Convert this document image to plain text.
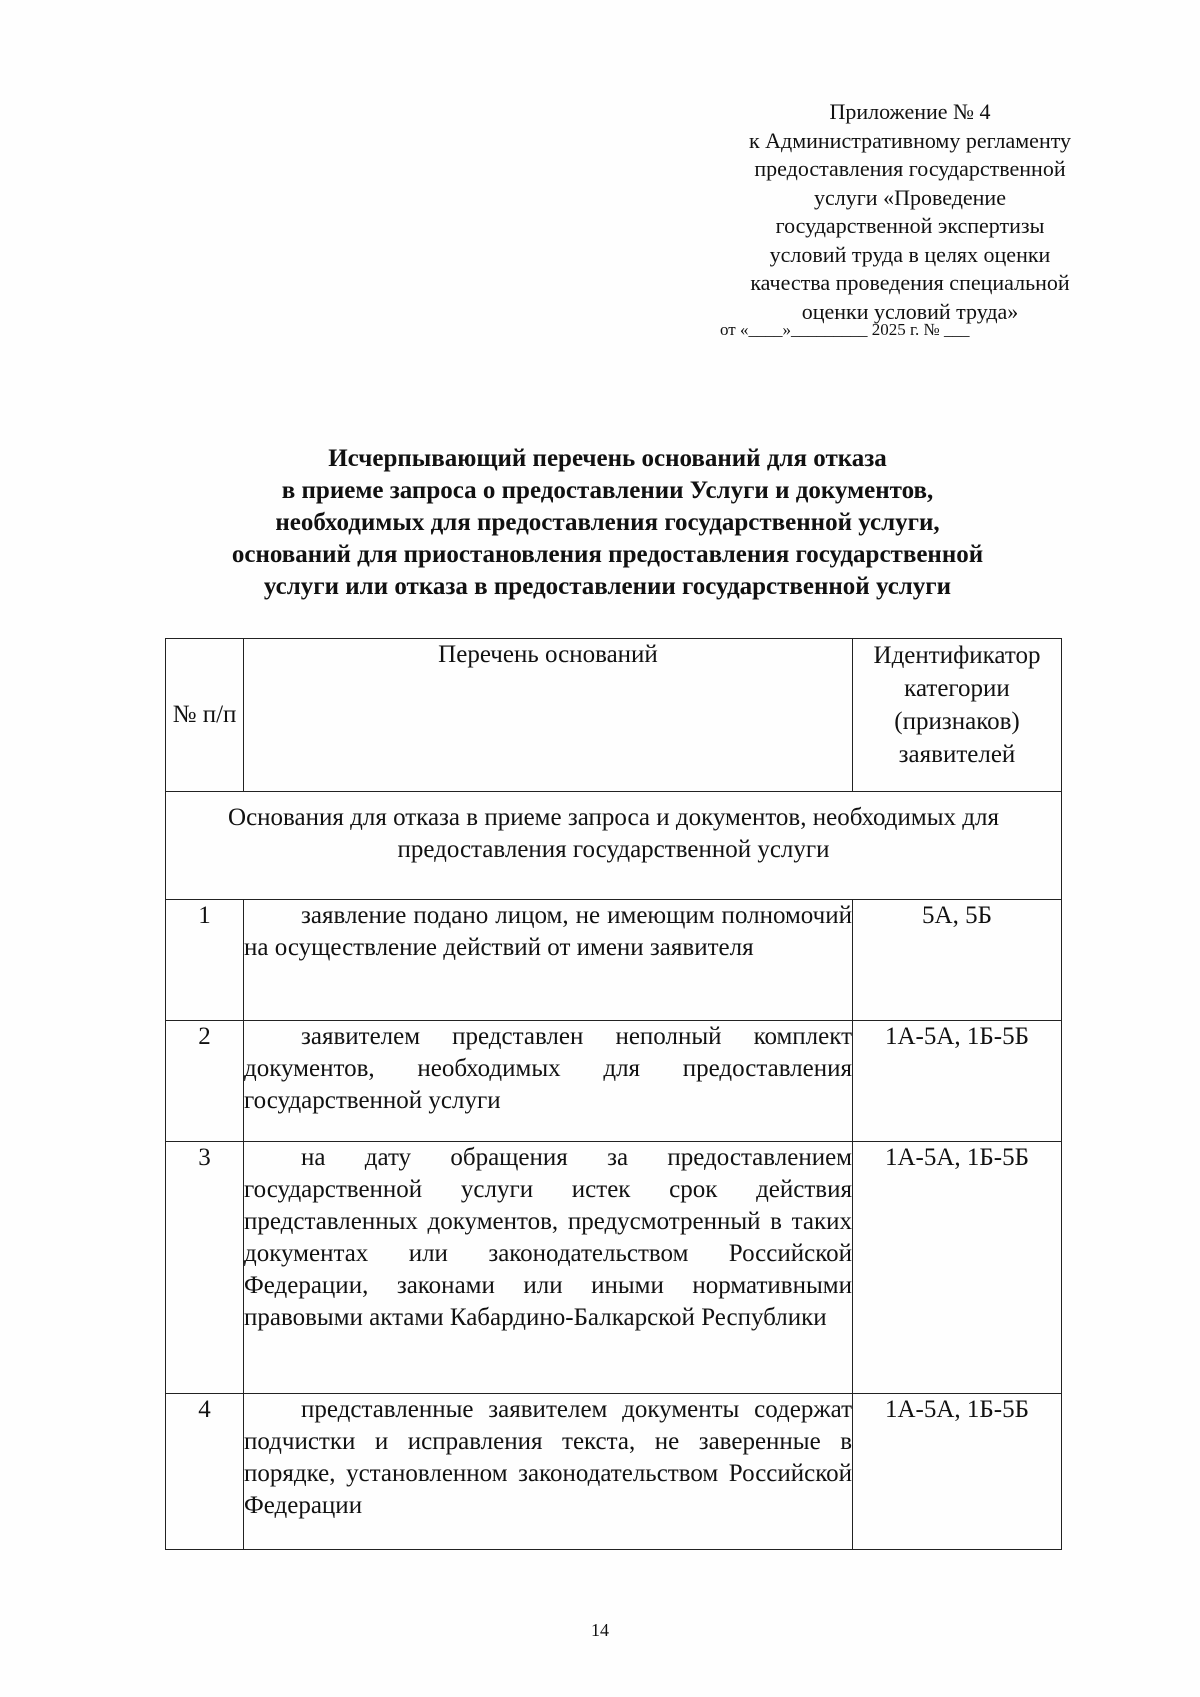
Приложение № 4
к Административному регламенту
предоставления государственной
услуги «Проведение
государственной экспертизы
условий труда в целях оценки
качества проведения специальной
оценки условий труда»
от «____»_________ 2025 г. № ___
Исчерпывающий перечень оснований для отказа
в приеме запроса о предоставлении Услуги и документов,
необходимых для предоставления государственной услуги,
оснований для приостановления предоставления государственной
услуги или отказа в предоставлении государственной услуги
№ п/п	Перечень оснований	Идентификатор категории (признаков) заявителей
Основания для отказа в приеме запроса и документов, необходимых для предоставления государственной услуги		
1	заявление подано лицом, не имеющим полномочий на осуществление действий от имени заявителя	5А, 5Б
2	заявителем представлен неполный комплект документов, необходимых для предоставления государственной услуги	1А-5А, 1Б-5Б
3	на дату обращения за предоставлением государственной услуги истек срок действия представленных документов, предусмотренный в таких документах или законодательством Российской Федерации, законами или иными нормативными правовыми актами Кабардино-Балкарской Республики	1А-5А, 1Б-5Б
4	представленные заявителем документы содержат подчистки и исправления текста, не заверенные в порядке, установленном законодательством Российской Федерации	1А-5А, 1Б-5Б
14
